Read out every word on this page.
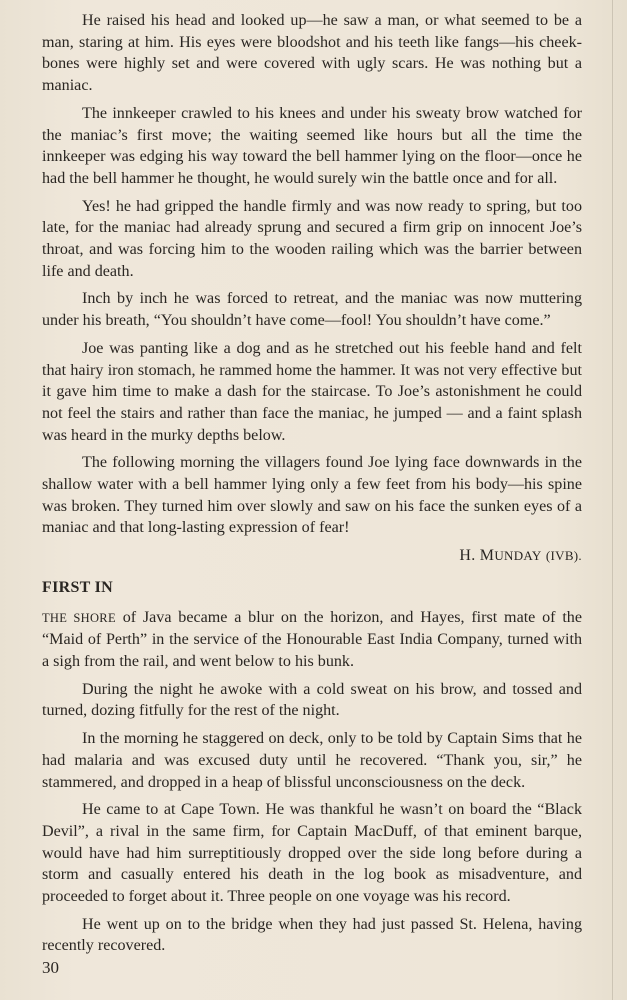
He raised his head and looked up—he saw a man, or what seemed to be a man, staring at him. His eyes were bloodshot and his teeth like fangs—his cheek-bones were highly set and were covered with ugly scars. He was nothing but a maniac.

The innkeeper crawled to his knees and under his sweaty brow watched for the maniac’s first move; the waiting seemed like hours but all the time the innkeeper was edging his way toward the bell hammer lying on the floor—once he had the bell hammer he thought, he would surely win the battle once and for all.

Yes! he had gripped the handle firmly and was now ready to spring, but too late, for the maniac had already sprung and secured a firm grip on innocent Joe’s throat, and was forcing him to the wooden railing which was the barrier between life and death.

Inch by inch he was forced to retreat, and the maniac was now muttering under his breath, “You shouldn’t have come—fool! You shouldn’t have come.”

Joe was panting like a dog and as he stretched out his feeble hand and felt that hairy iron stomach, he rammed home the hammer. It was not very effective but it gave him time to make a dash for the staircase. To Joe’s astonishment he could not feel the stairs and rather than face the maniac, he jumped — and a faint splash was heard in the murky depths below.

The following morning the villagers found Joe lying face downwards in the shallow water with a bell hammer lying only a few feet from his body—his spine was broken. They turned him over slowly and saw on his face the sunken eyes of a maniac and that long-lasting expression of fear!

H. MUNDAY (IVB).
FIRST IN

THE SHORE of Java became a blur on the horizon, and Hayes, first mate of the “Maid of Perth” in the service of the Honourable East India Company, turned with a sigh from the rail, and went below to his bunk.

During the night he awoke with a cold sweat on his brow, and tossed and turned, dozing fitfully for the rest of the night.

In the morning he staggered on deck, only to be told by Captain Sims that he had malaria and was excused duty until he recovered. “Thank you, sir,” he stammered, and dropped in a heap of blissful unconsciousness on the deck.

He came to at Cape Town. He was thankful he wasn’t on board the “Black Devil”, a rival in the same firm, for Captain MacDuff, of that eminent barque, would have had him surreptitiously dropped over the side long before during a storm and casually entered his death in the log book as misadventure, and proceeded to forget about it. Three people on one voyage was his record.

He went up on to the bridge when they had just passed St. Helena, having recently recovered.

30
